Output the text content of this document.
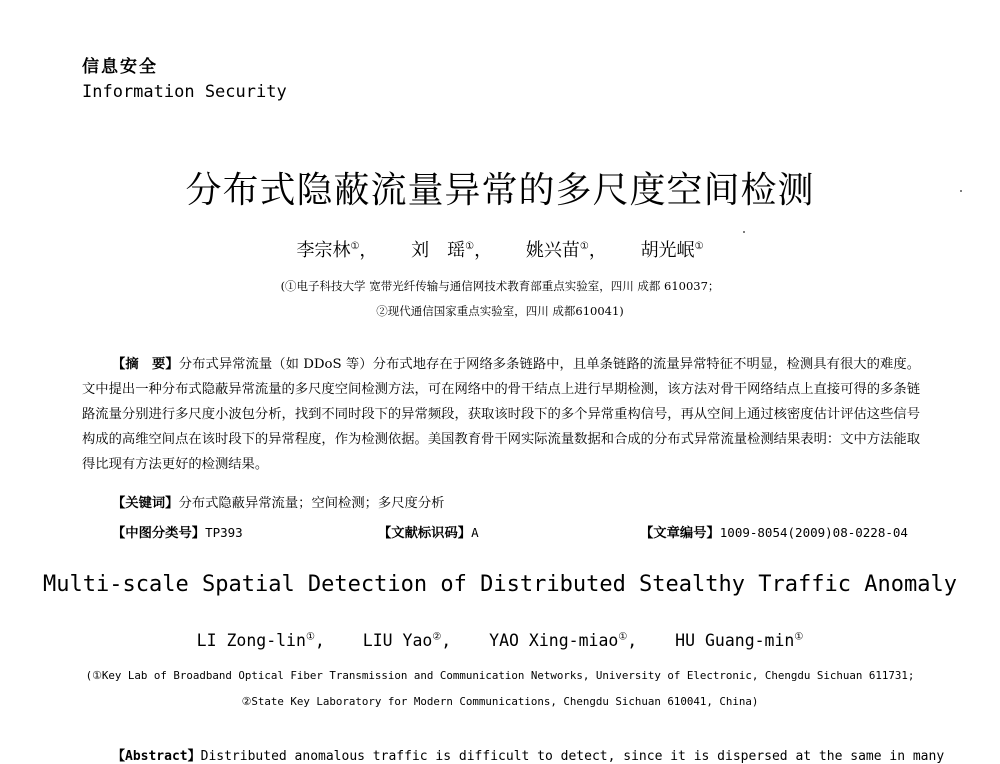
信息安全
Information Security
分布式隐蔽流量异常的多尺度空间检测
李宗林①， 刘　瑶①， 姚兴苗①， 胡光岷①
(①电子科技大学 宽带光纤传输与通信网技术教育部重点实验室，四川 成都 610037；
②现代通信国家重点实验室，四川 成都610041)
【摘　要】分布式异常流量（如 DDoS 等）分布式地存在于网络多条链路中，且单条链路的流量异常特征不明显，检测具有很大的难度。文中提出一种分布式隐蔽异常流量的多尺度空间检测方法，可在网络中的骨干结点上进行早期检测，该方法对骨干网络结点上直接可得的多条链路流量分别进行多尺度小波包分析，找到不同时段下的异常频段，获取该时段下的多个异常重构信号，再从空间上通过核密度估计评估这些信号构成的高维空间点在该时段下的异常程度，作为检测依据。美国教育骨干网实际流量数据和合成的分布式异常流量检测结果表明：文中方法能取得比现有方法更好的检测结果。
【关键词】分布式隐蔽异常流量；空间检测；多尺度分析
【中图分类号】TP393	【文献标识码】A	【文章编号】1009-8054(2009)08-0228-04
Multi-scale Spatial Detection of Distributed Stealthy Traffic Anomaly
LI Zong-lin①, LIU Yao②, YAO Xing-miao①, HU Guang-min①
(①Key Lab of Broadband Optical Fiber Transmission and Communication Networks, University of Electronic, Chengdu Sichuan 611731;
②State Key Laboratory for Modern Communications, Chengdu Sichuan 610041, China)
【Abstract】Distributed anomalous traffic is difficult to detect, since it is dispersed at the same in many
